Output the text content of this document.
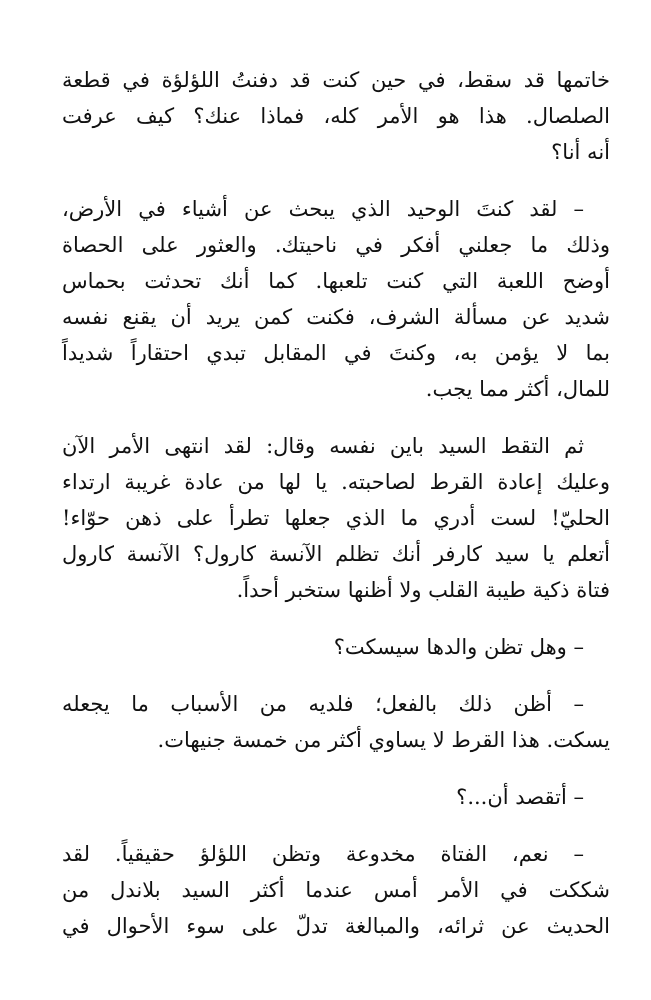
خاتمها قد سقط، في حين كنت قد دفنتُ اللؤلؤة في قطعة
الصلصال. هذا هو الأمر كله، فماذا عنك؟ كيف عرفت
أنه أنا؟

– لقد كنتَ الوحيد الذي يبحث عن أشياء في الأرض،
وذلك ما جعلني أفكر في ناحيتك. والعثور على الحصاة
أوضح اللعبة التي كنت تلعبها. كما أنك تحدثت بحماس
شديد عن مسألة الشرف، فكنت كمن يريد أن يقنع نفسه
بما لا يؤمن به، وكنتَ في المقابل تبدي احتقاراً شديداً
للمال، أكثر مما يجب.

ثم التقط السيد باين نفسه وقال: لقد انتهى الأمر الآن
وعليك إعادة القرط لصاحبته. يا لها من عادة غريبة ارتداء
الحليّ! لست أدري ما الذي جعلها تطرأ على ذهن حوّاء!
أتعلم يا سيد كارفر أنك تظلم الآنسة كارول؟ الآنسة كارول
فتاة ذكية طيبة القلب ولا أظنها ستخبر أحداً.

– وهل تظن والدها سيسكت؟

– أظن ذلك بالفعل؛ فلديه من الأسباب ما يجعله
يسكت. هذا القرط لا يساوي أكثر من خمسة جنيهات.

– أتقصد أن...؟

– نعم، الفتاة مخدوعة وتظن اللؤلؤ حقيقياً. لقد
شككت في الأمر أمس عندما أكثر السيد بلاندل من
الحديث عن ثرائه، والمبالغة تدلّ على سوء الأحوال في
